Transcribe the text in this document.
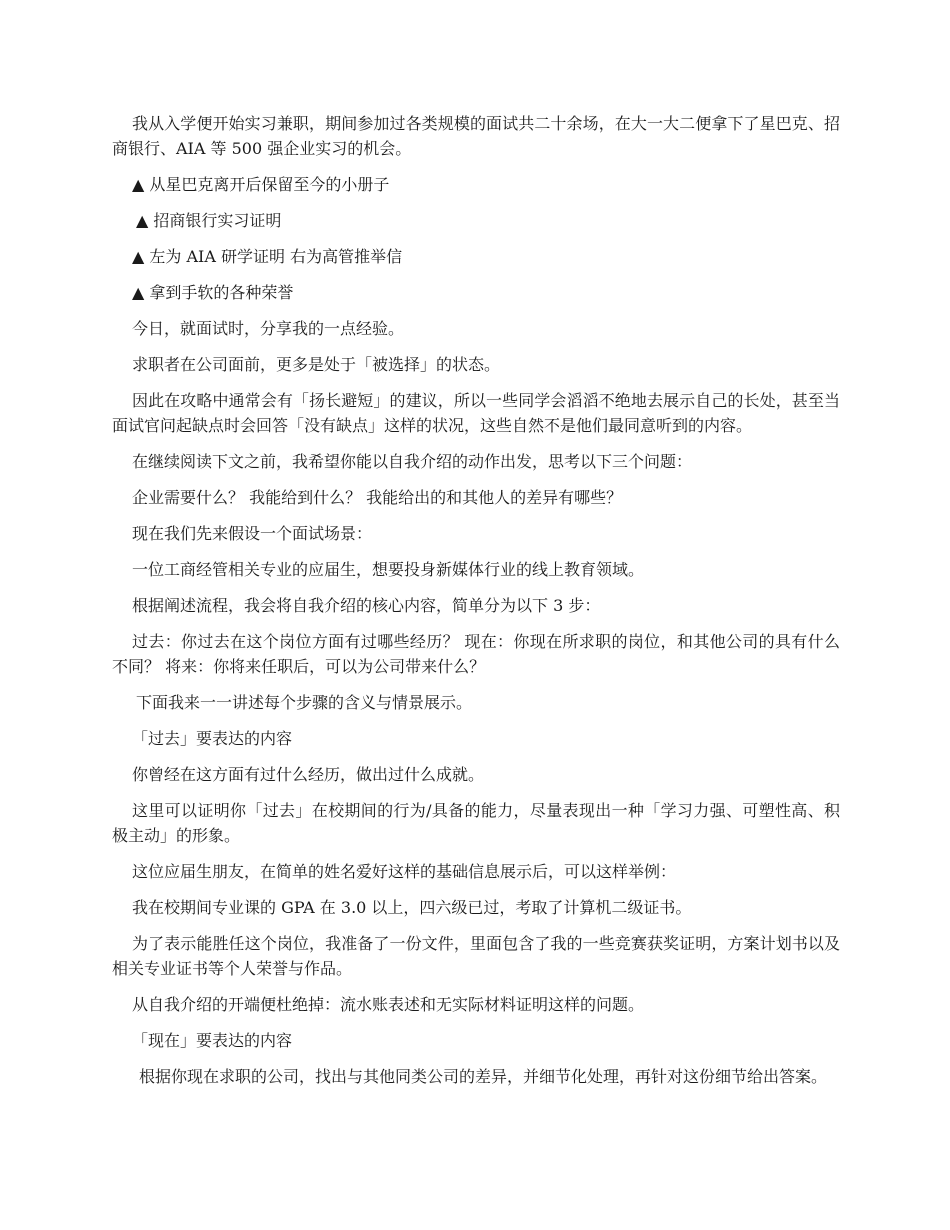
我从入学便开始实习兼职，期间参加过各类规模的面试共二十余场，在大一大二便拿下了星巴克、招商银行、AIA 等 500 强企业实习的机会。

▲ 从星巴克离开后保留至今的小册子

▲ 招商银行实习证明

▲ 左为 AIA 研学证明 右为高管推举信

▲ 拿到手软的各种荣誉

今日，就面试时，分享我的一点经验。

求职者在公司面前，更多是处于「被选择」的状态。

因此在攻略中通常会有「扬长避短」的建议，所以一些同学会滔滔不绝地去展示自己的长处，甚至当面试官问起缺点时会回答「没有缺点」这样的状况，这些自然不是他们最同意听到的内容。

在继续阅读下文之前，我希望你能以自我介绍的动作出发，思考以下三个问题：

企业需要什么？ 我能给到什么？ 我能给出的和其他人的差异有哪些？

现在我们先来假设一个面试场景：

一位工商经管相关专业的应届生，想要投身新媒体行业的线上教育领域。

根据阐述流程，我会将自我介绍的核心内容，简单分为以下 3 步：

过去：你过去在这个岗位方面有过哪些经历？ 现在：你现在所求职的岗位，和其他公司的具有什么不同？ 将来：你将来任职后，可以为公司带来什么？

下面我来一一讲述每个步骤的含义与情景展示。

「过去」要表达的内容

你曾经在这方面有过什么经历，做出过什么成就。

这里可以证明你「过去」在校期间的行为/具备的能力，尽量表现出一种「学习力强、可塑性高、积极主动」的形象。

这位应届生朋友，在简单的姓名爱好这样的基础信息展示后，可以这样举例：

我在校期间专业课的 GPA 在 3.0 以上，四六级已过，考取了计算机二级证书。

为了表示能胜任这个岗位，我准备了一份文件，里面包含了我的一些竞赛获奖证明，方案计划书以及相关专业证书等个人荣誉与作品。

从自我介绍的开端便杜绝掉：流水账表述和无实际材料证明这样的问题。

「现在」要表达的内容

根据你现在求职的公司，找出与其他同类公司的差异，并细节化处理，再针对这份细节给出答案。
